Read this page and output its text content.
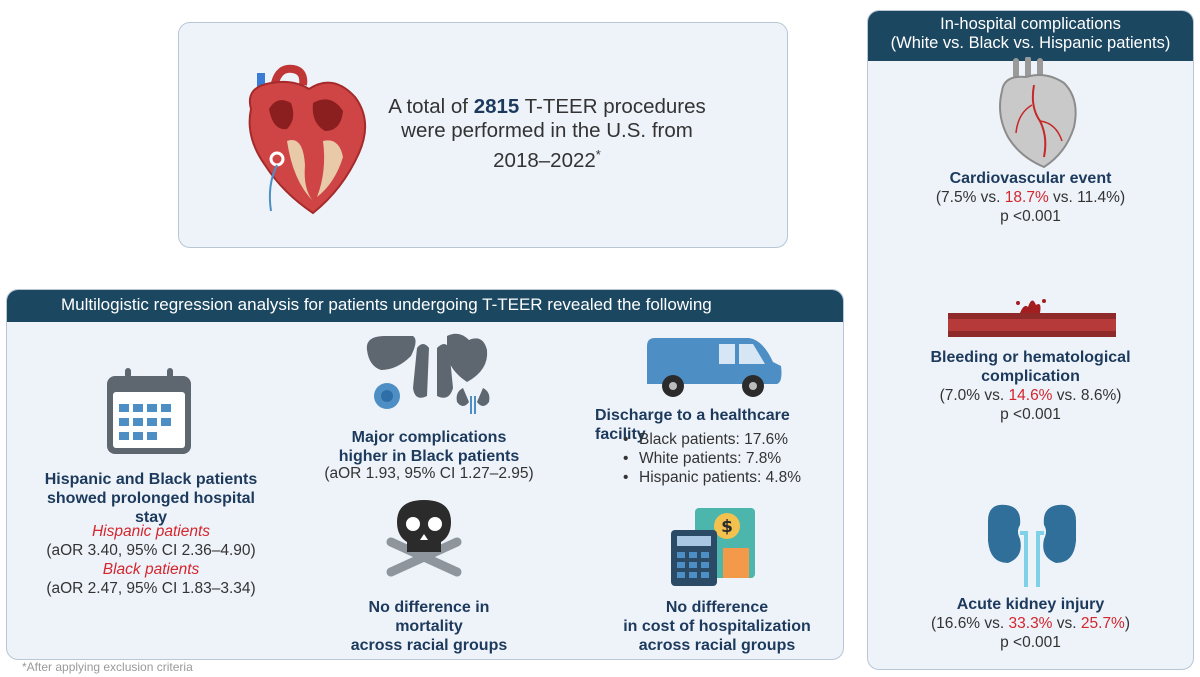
A total of 2815 T-TEER procedures were performed in the U.S. from 2018–2022*
Multilogistic regression analysis for patients undergoing T-TEER revealed the following
Hispanic and Black patients
showed prolonged hospital stay
Hispanic patients
(aOR 3.40, 95% CI 2.36–4.90)
Black patients
(aOR 2.47, 95% CI 1.83–3.34)
Major complications
higher in Black patients
(aOR 1.93, 95% CI 1.27–2.95)
No difference in
mortality
across racial groups
Discharge to a healthcare facility
• Black patients: 17.6%
• White patients: 7.8%
• Hispanic patients: 4.8%
$
No difference
in cost of hospitalization
across racial groups
In-hospital complications
(White vs. Black vs. Hispanic patients)
Cardiovascular event
(7.5% vs. 18.7% vs. 11.4%)
p <0.001
Bleeding or hematological
complication
(7.0% vs. 14.6% vs. 8.6%)
p <0.001
Acute kidney injury
(16.6% vs. 33.3% vs. 25.7%)
p <0.001
*After applying exclusion criteria
